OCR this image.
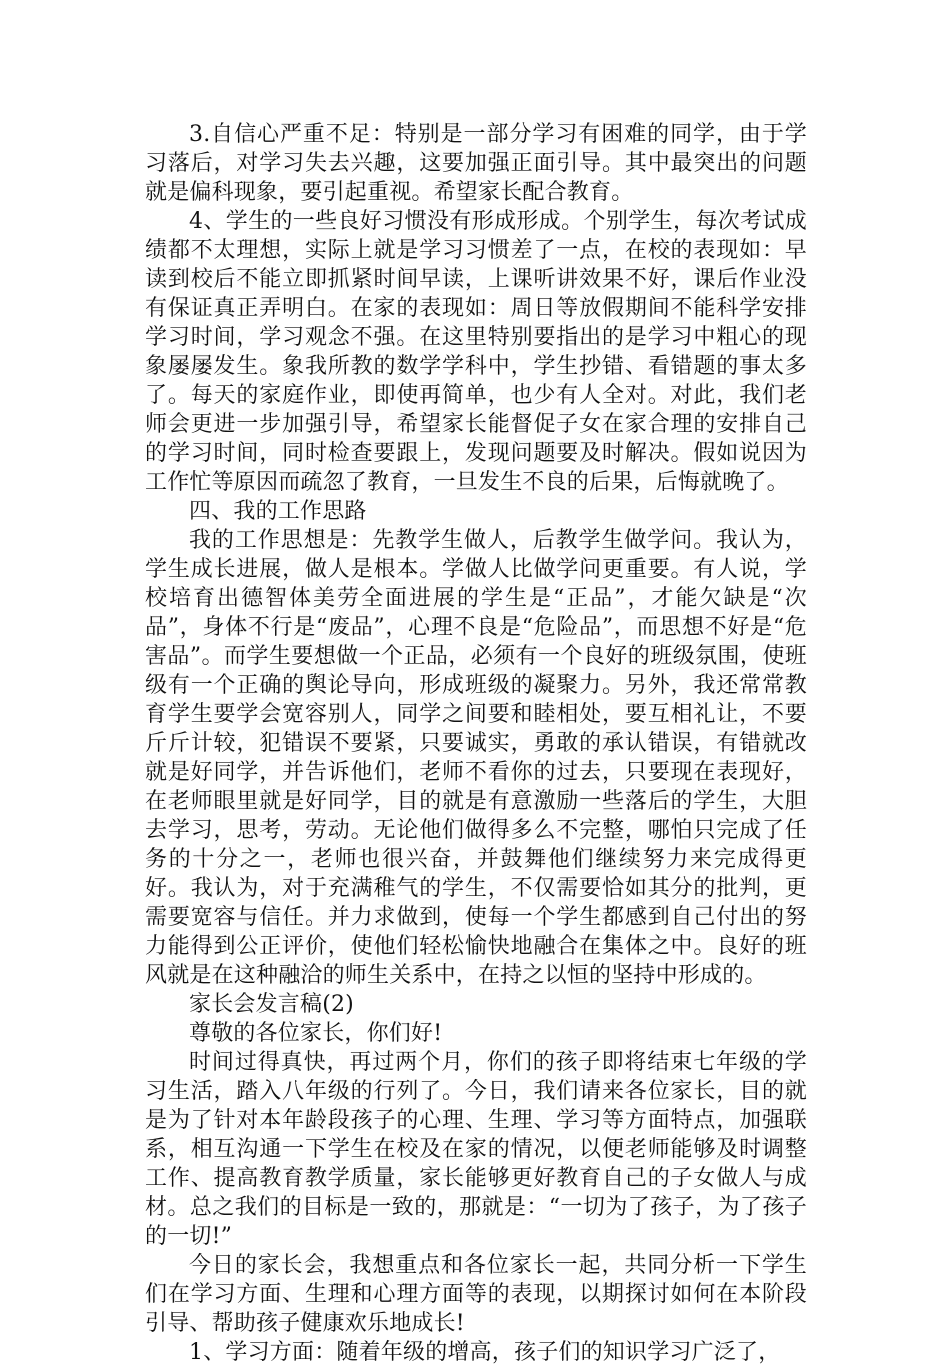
3.自信心严重不足：特别是一部分学习有困难的同学，由于学习落后，对学习失去兴趣，这要加强正面引导。其中最突出的问题就是偏科现象，要引起重视。希望家长配合教育。

4、学生的一些良好习惯没有形成形成。个别学生，每次考试成绩都不太理想，实际上就是学习习惯差了一点，在校的表现如：早读到校后不能立即抓紧时间早读，上课听讲效果不好，课后作业没有保证真正弄明白。在家的表现如：周日等放假期间不能科学安排学习时间，学习观念不强。在这里特别要指出的是学习中粗心的现象屡屡发生。象我所教的数学学科中，学生抄错、看错题的事太多了。每天的家庭作业，即使再简单，也少有人全对。对此，我们老师会更进一步加强引导，希望家长能督促子女在家合理的安排自己的学习时间，同时检查要跟上，发现问题要及时解决。假如说因为工作忙等原因而疏忽了教育，一旦发生不良的后果，后悔就晚了。

四、我的工作思路

我的工作思想是：先教学生做人，后教学生做学问。我认为，学生成长进展，做人是根本。学做人比做学问更重要。有人说，学校培育出德智体美劳全面进展的学生是“正品”，才能欠缺是“次品”，身体不行是“废品”，心理不良是“危险品”，而思想不好是“危害品”。而学生要想做一个正品，必须有一个良好的班级氛围，使班级有一个正确的舆论导向，形成班级的凝聚力。另外，我还常常教育学生要学会宽容别人，同学之间要和睦相处，要互相礼让，不要斤斤计较，犯错误不要紧，只要诚实，勇敢的承认错误，有错就改就是好同学，并告诉他们，老师不看你的过去，只要现在表现好，在老师眼里就是好同学，目的就是有意激励一些落后的学生，大胆去学习，思考，劳动。无论他们做得多么不完整，哪怕只完成了任务的十分之一，老师也很兴奋，并鼓舞他们继续努力来完成得更好。我认为，对于充满稚气的学生，不仅需要恰如其分的批判，更需要宽容与信任。并力求做到，使每一个学生都感到自己付出的努力能得到公正评价，使他们轻松愉快地融合在集体之中。良好的班风就是在这种融洽的师生关系中，在持之以恒的坚持中形成的。

家长会发言稿(2)

尊敬的各位家长，你们好!

时间过得真快，再过两个月，你们的孩子即将结束七年级的学习生活，踏入八年级的行列了。今日，我们请来各位家长，目的就是为了针对本年龄段孩子的心理、生理、学习等方面特点，加强联系，相互沟通一下学生在校及在家的情况，以便老师能够及时调整工作、提高教育教学质量，家长能够更好教育自己的子女做人与成材。总之我们的目标是一致的，那就是：“一切为了孩子，为了孩子的一切!”

今日的家长会，我想重点和各位家长一起，共同分析一下学生们在学习方面、生理和心理方面等的表现，以期探讨如何在本阶段引导、帮助孩子健康欢乐地成长!

1、学习方面：随着年级的增高，孩子们的知识学习广泛了，
